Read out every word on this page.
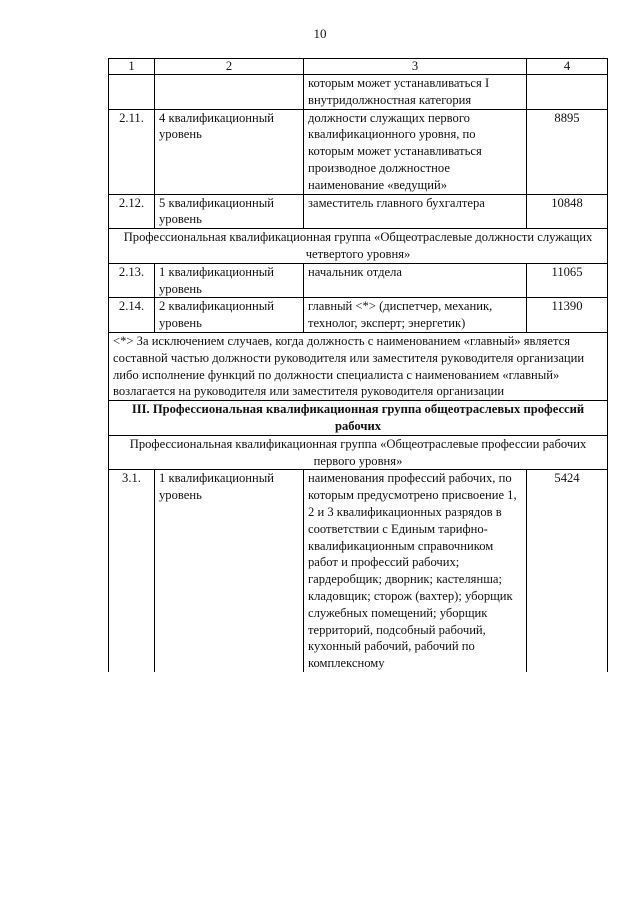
10
1	2	3	4
		которым может устанавливаться I внутридолжностная категория	
2.11.	4 квалификационный уровень	должности служащих первого квалификационного уровня, по которым может устанавливаться производное должностное наименование «ведущий»	8895
2.12.	5 квалификационный уровень	заместитель главного бухгалтера	10848
Профессиональная квалификационная группа «Общеотраслевые должности служащих четвертого уровня»			
2.13.	1 квалификационный уровень	начальник отдела	11065
2.14.	2 квалификационный уровень	главный <*> (диспетчер, механик, технолог, эксперт; энергетик)	11390
<*> За исключением случаев, когда должность с наименованием «главный» является составной частью должности руководителя или заместителя руководителя организации либо исполнение функций по должности специалиста с наименованием «главный» возлагается на руководителя или заместителя руководителя организации			
III. Профессиональная квалификационная группа общеотраслевых профессий рабочих			
Профессиональная квалификационная группа «Общеотраслевые профессии рабочих первого уровня»			
3.1.	1 квалификационный уровень	наименования профессий рабочих, по которым предусмотрено присвоение 1, 2 и 3 квалификационных разрядов в соответствии с Единым тарифно-квалификационным справочником работ и профессий рабочих; гардеробщик; дворник; кастелянша; кладовщик; сторож (вахтер); уборщик служебных помещений; уборщик территорий, подсобный рабочий, кухонный рабочий, рабочий по комплексному	5424
